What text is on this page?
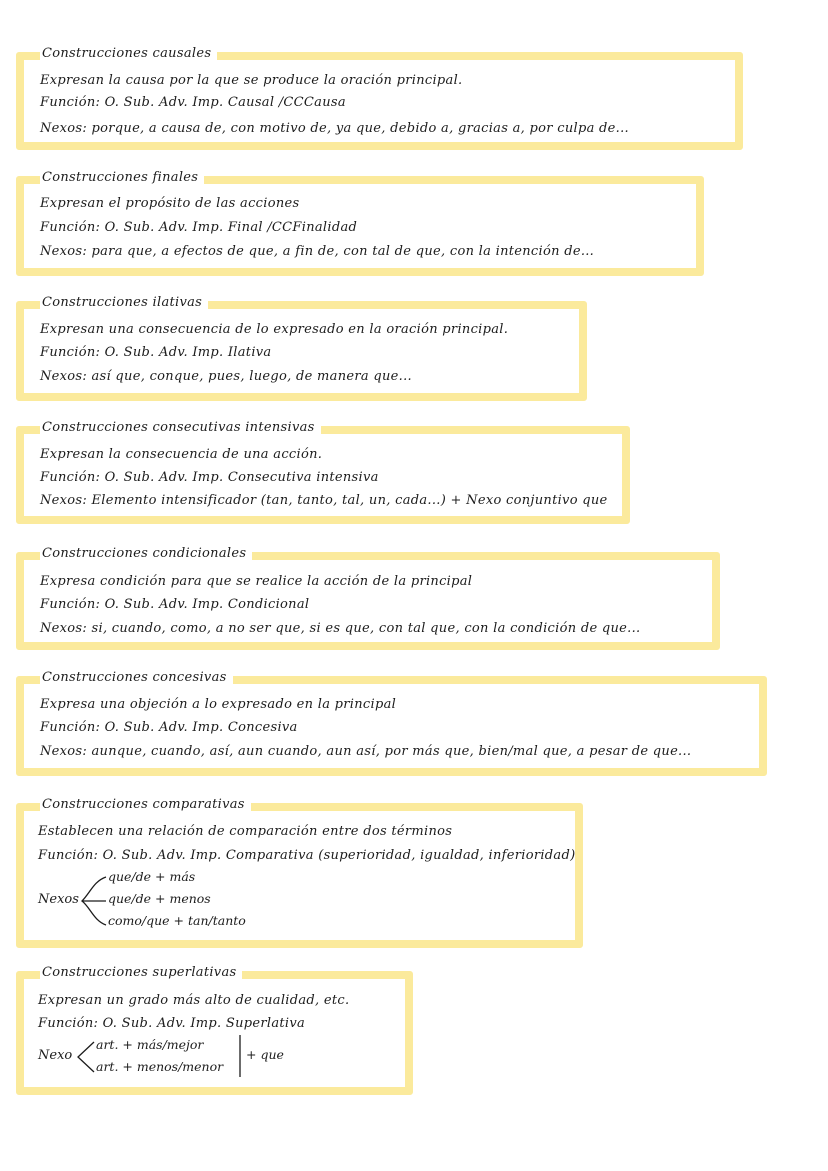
Construcciones causales
Expresan la causa por la que se produce la oración principal.
Función: O. Sub. Adv. Imp. Causal /CCCausa
Nexos: porque, a causa de, con motivo de, ya que, debido a, gracias a, por culpa de...
Construcciones finales
Expresan el propósito de las acciones
Función: O. Sub. Adv. Imp. Final /CCFinalidad
Nexos: para que, a efectos de que, a fin de, con tal de que, con la intención de...
Construcciones ilativas
Expresan una consecuencia de lo expresado en la oración principal.
Función: O. Sub. Adv. Imp. Ilativa
Nexos: así que, conque, pues, luego, de manera que...
Construcciones consecutivas intensivas
Expresan la consecuencia de una acción.
Función: O. Sub. Adv. Imp. Consecutiva intensiva
Nexos: Elemento intensificador (tan, tanto, tal, un, cada...) + Nexo conjuntivo que
Construcciones condicionales
Expresa condición para que se realice la acción de la principal
Función: O. Sub. Adv. Imp. Condicional
Nexos: si, cuando, como, a no ser que, si es que, con tal que, con la condición de que...
Construcciones concesivas
Expresa una objeción a lo expresado en la principal
Función: O. Sub. Adv. Imp. Concesiva
Nexos: aunque, cuando, así, aun cuando, aun así, por más que, bien/mal que, a pesar de que...
Construcciones comparativas
Establecen una relación de comparación entre dos términos
Función: O. Sub. Adv. Imp. Comparativa (superioridad, igualdad, inferioridad)
Nexos
que/de + más
que/de + menos
como/que + tan/tanto
Construcciones superlativas
Expresan un grado más alto de cualidad, etc.
Función: O. Sub. Adv. Imp. Superlativa
Nexo
art. + más/mejor
art. + menos/menor
+ que
